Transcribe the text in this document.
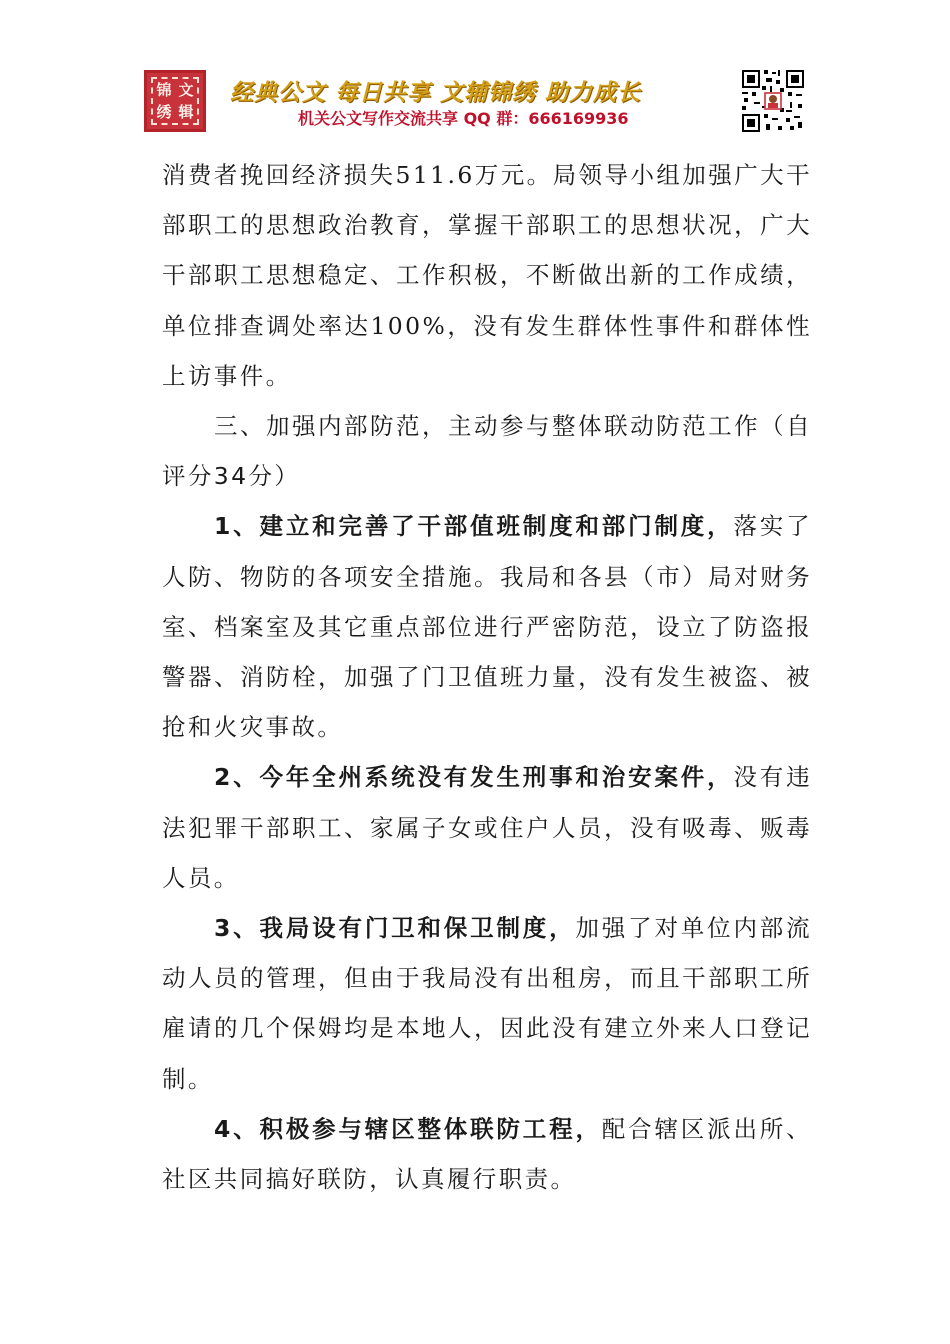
锦 文
绣 辑
经典公文 每日共享 文辅锦绣 助力成长
机关公文写作交流共享 QQ 群：666169936

消费者挽回经济损失511.6万元。局领导小组加强广大干部职工的思想政治教育，掌握干部职工的思想状况，广大干部职工思想稳定、工作积极，不断做出新的工作成绩，单位排查调处率达100%，没有发生群体性事件和群体性上访事件。

三、加强内部防范，主动参与整体联动防范工作（自评分34分）

1、建立和完善了干部值班制度和部门制度，落实了人防、物防的各项安全措施。我局和各县（市）局对财务室、档案室及其它重点部位进行严密防范，设立了防盗报警器、消防栓，加强了门卫值班力量，没有发生被盗、被抢和火灾事故。

2、今年全州系统没有发生刑事和治安案件，没有违法犯罪干部职工、家属子女或住户人员，没有吸毒、贩毒人员。

3、我局设有门卫和保卫制度，加强了对单位内部流动人员的管理，但由于我局没有出租房，而且干部职工所雇请的几个保姆均是本地人，因此没有建立外来人口登记制。

4、积极参与辖区整体联防工程，配合辖区派出所、社区共同搞好联防，认真履行职责。
